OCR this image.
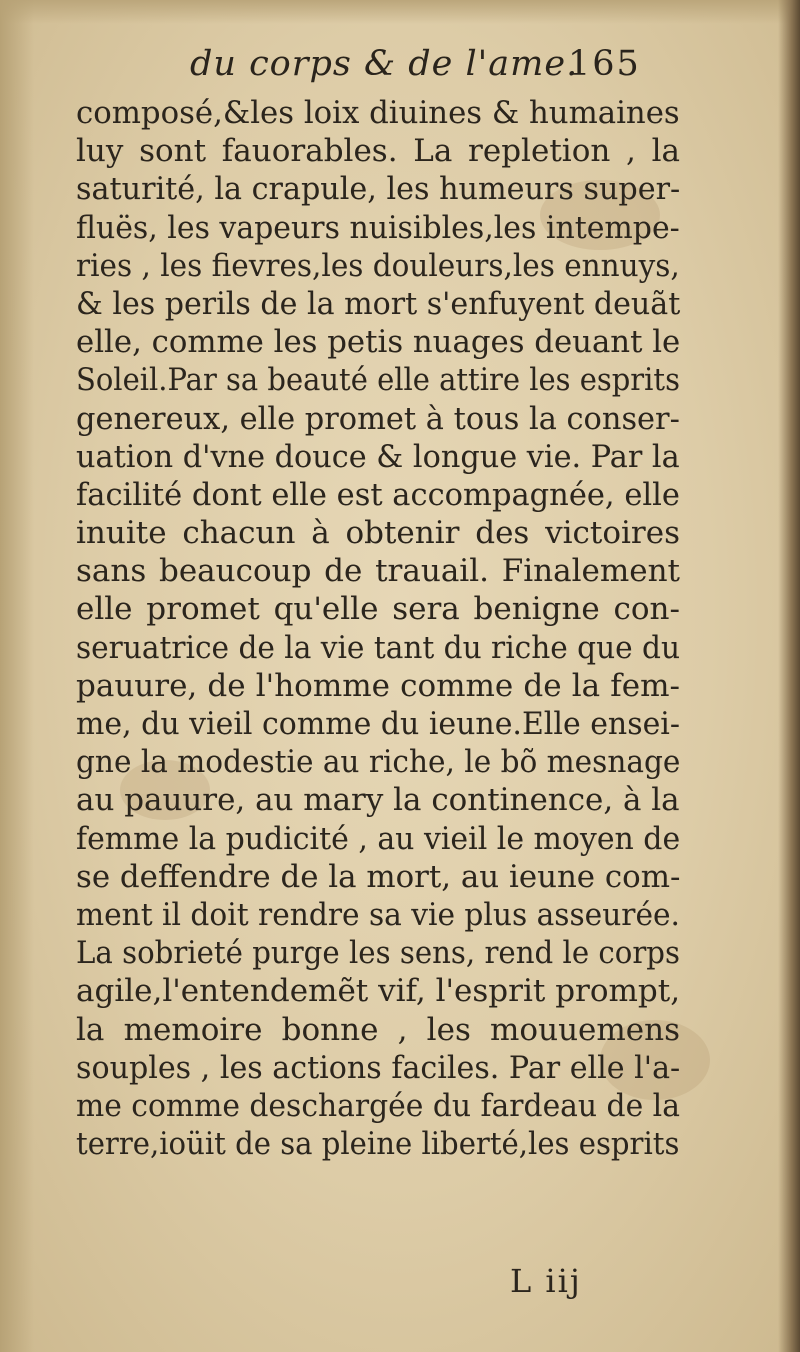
du corps & de l'ame.
165
composé,&les loix diuines & humaines
luy sont fauorables. La repletion , la
saturité, la crapule, les humeurs super-
fluës, les vapeurs nuisibles,les intempe-
ries , les fievres,les douleurs,les ennuys,
& les perils de la mort s'enfuyent deuãt
elle, comme les petis nuages deuant le
Soleil.Par sa beauté elle attire les esprits
genereux, elle promet à tous la conser-
uation d'vne douce & longue vie. Par la
facilité dont elle est accompagnée, elle
inuite chacun à obtenir des victoires
sans beaucoup de trauail. Finalement
elle promet qu'elle sera benigne con-
seruatrice de la vie tant du riche que du
pauure, de l'homme comme de la fem-
me, du vieil comme du ieune.Elle ensei-
gne la modestie au riche, le bõ mesnage
au pauure, au mary la continence, à la
femme la pudicité , au vieil le moyen de
se deffendre de la mort, au ieune com-
ment il doit rendre sa vie plus asseurée.
La sobrieté purge les sens, rend le corps
agile,l'entendemẽt vif, l'esprit prompt,
la memoire bonne , les mouuemens
souples , les actions faciles. Par elle l'a-
me comme deschargée du fardeau de la
terre,ioüit de sa pleine liberté,les esprits
L iij
